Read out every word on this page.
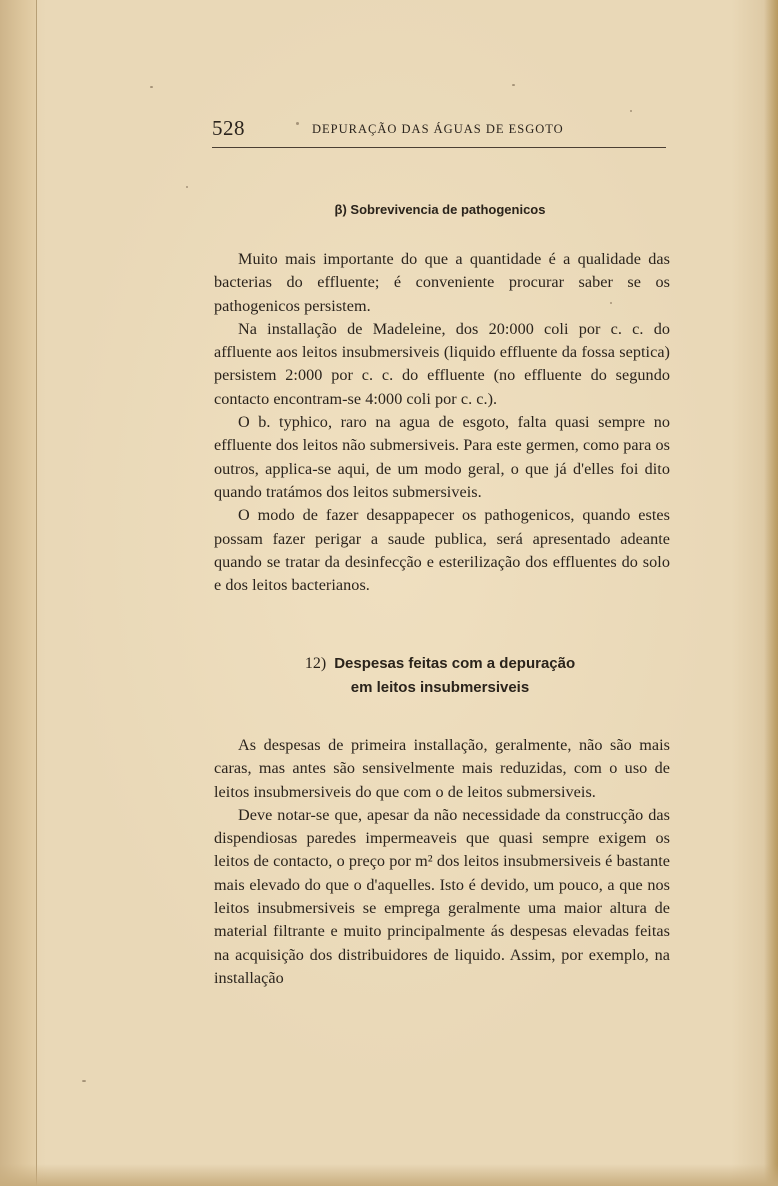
528	DEPURAÇÃO DAS ÁGUAS DE ESGOTO
β) Sobrevivencia de pathogenicos

Muito mais importante do que a quantidade é a qualidade das bacterias do effluente; é conveniente procurar saber se os pathogenicos persistem.

Na installação de Madeleine, dos 20:000 coli por c. c. do affluente aos leitos insubmersiveis (liquido effluente da fossa septica) persistem 2:000 por c. c. do effluente (no effluente do segundo contacto encontram-se 4:000 coli por c. c.).

O b. typhico, raro na agua de esgoto, falta quasi sempre no effluente dos leitos não submersiveis. Para este germen, como para os outros, applica-se aqui, de um modo geral, o que já d'elles foi dito quando tratámos dos leitos submersiveis.

O modo de fazer desappapecer os pathogenicos, quando estes possam fazer perigar a saude publica, será apresentado adeante quando se tratar da desinfecção e esterilização dos effluentes do solo e dos leitos bacterianos.

12) Despesas feitas com a depuração
em leitos insubmersiveis

As despesas de primeira installação, geralmente, não são mais caras, mas antes são sensivelmente mais reduzidas, com o uso de leitos insubmersiveis do que com o de leitos submersiveis.

Deve notar-se que, apesar da não necessidade da construcção das dispendiosas paredes impermeaveis que quasi sempre exigem os leitos de contacto, o preço por m² dos leitos insubmersiveis é bastante mais elevado do que o d'aquelles. Isto é devido, um pouco, a que nos leitos insubmersiveis se emprega geralmente uma maior altura de material filtrante e muito principalmente ás despesas elevadas feitas na acquisição dos distribuidores de liquido. Assim, por exemplo, na installação
